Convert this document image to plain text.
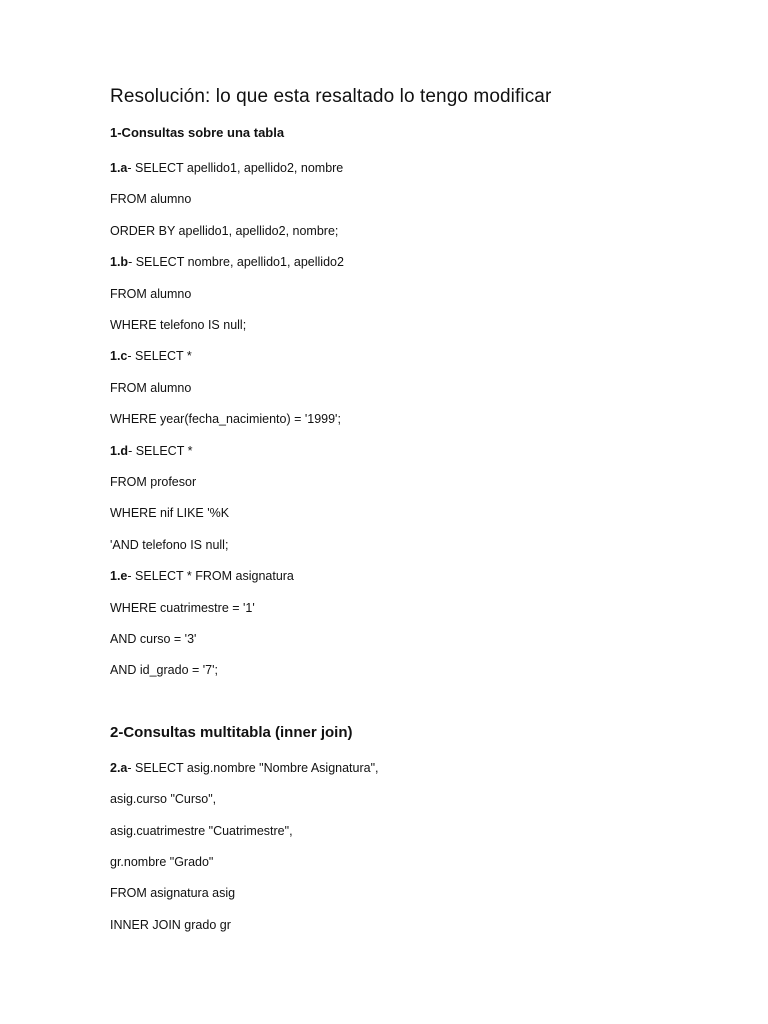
Resolución: lo que esta resaltado lo tengo modificar
1-Consultas sobre una tabla
1.a- SELECT apellido1, apellido2, nombre
FROM alumno
ORDER BY apellido1, apellido2, nombre;
1.b- SELECT nombre, apellido1, apellido2
FROM alumno
WHERE telefono IS null;
1.c- SELECT *
FROM alumno
WHERE year(fecha_nacimiento) = '1999';
1.d- SELECT *
FROM profesor
WHERE nif LIKE '%K
'AND telefono IS null;
1.e- SELECT * FROM asignatura
WHERE cuatrimestre = '1'
AND curso = '3'
AND id_grado = '7';
2-Consultas multitabla (inner join)
2.a- SELECT asig.nombre "Nombre Asignatura",
asig.curso "Curso",
asig.cuatrimestre "Cuatrimestre",
gr.nombre "Grado"
FROM asignatura asig
INNER JOIN grado gr
